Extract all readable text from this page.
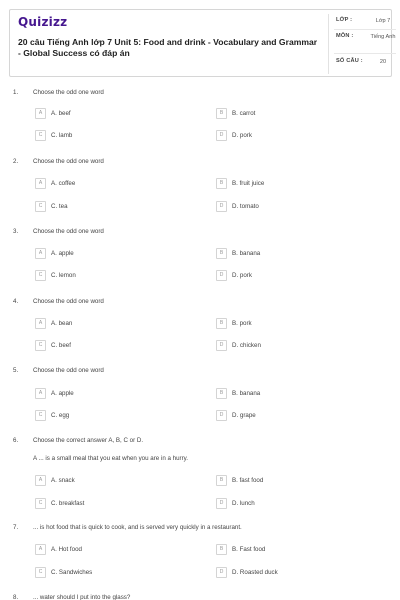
Quizizz
20 câu Tiếng Anh lớp 7 Unit 5: Food and drink - Vocabulary and Grammar - Global Success có đáp án
LỚP :	Lớp 7
MÔN :	Tiếng Anh
SỐ CÂU :	20
1. Choose the odd one word
A	A. beef	B	B. carrot
C	C. lamb	D	D. pork
2. Choose the odd one word
A	A. coffee	B	B. fruit juice
C	C. tea	D	D. tomato
3. Choose the odd one word
A	A. apple	B	B. banana
C	C. lemon	D	D. pork
4. Choose the odd one word
A	A. bean	B	B. pork
C	C. beef	D	D. chicken
5. Choose the odd one word
A	A. apple	B	B. banana
C	C. egg	D	D. grape
6. Choose the correct answer A, B, C or D.
A ... is a small meal that you eat when you are in a hurry.
A	A. snack	B	B. fast food
C	C. breakfast	D	D. lunch
7. ... is hot food that is quick to cook, and is served very quickly in a restaurant.
A	A. Hot food	B	B. Fast food
C	C. Sandwiches	D	D. Roasted duck
8. ... water should I put into the glass?
